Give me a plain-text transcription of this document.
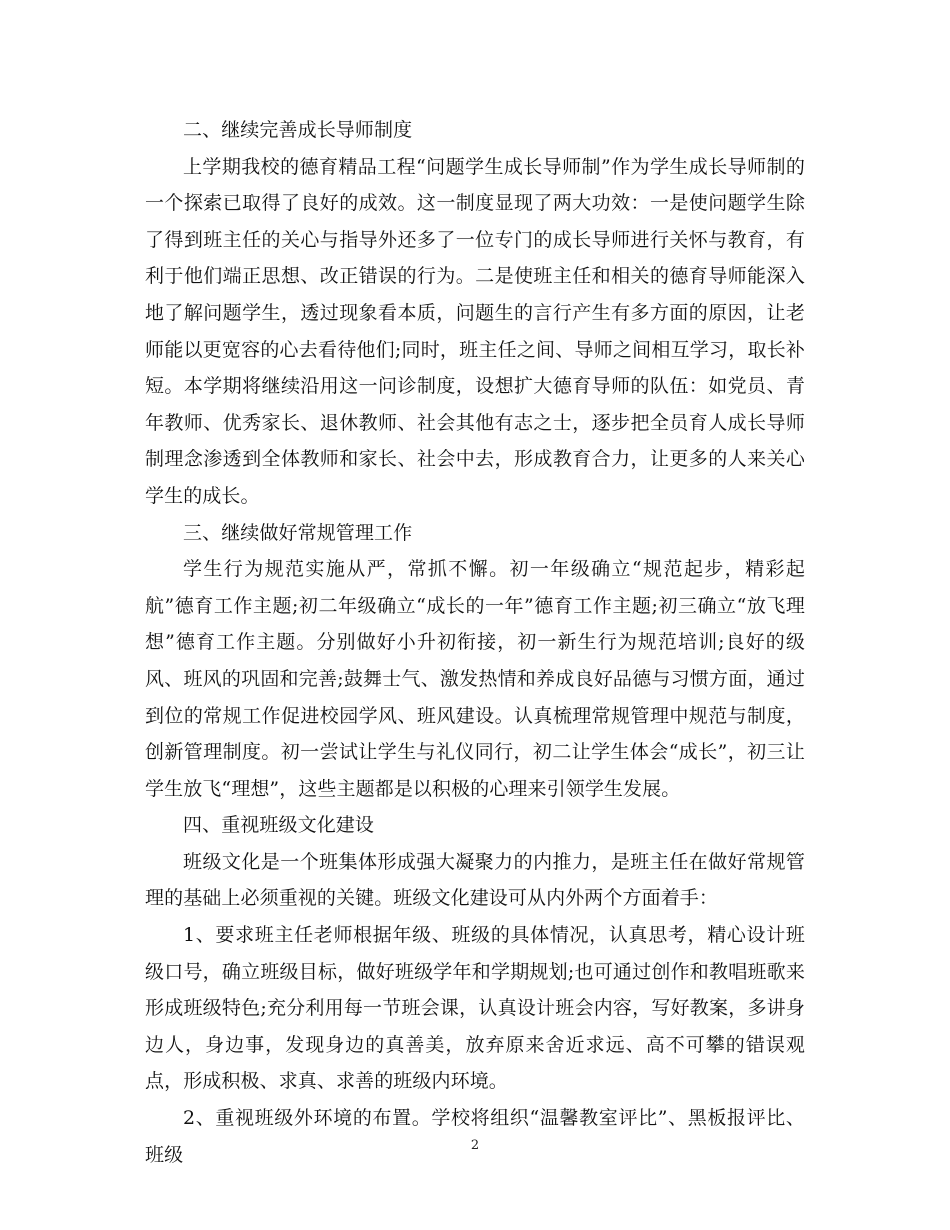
二、继续完善成长导师制度

上学期我校的德育精品工程“问题学生成长导师制”作为学生成长导师制的一个探索已取得了良好的成效。这一制度显现了两大功效：一是使问题学生除了得到班主任的关心与指导外还多了一位专门的成长导师进行关怀与教育，有利于他们端正思想、改正错误的行为。二是使班主任和相关的德育导师能深入地了解问题学生，透过现象看本质，问题生的言行产生有多方面的原因，让老师能以更宽容的心去看待他们;同时，班主任之间、导师之间相互学习，取长补短。本学期将继续沿用这一问诊制度，设想扩大德育导师的队伍：如党员、青年教师、优秀家长、退休教师、社会其他有志之士，逐步把全员育人成长导师制理念渗透到全体教师和家长、社会中去，形成教育合力，让更多的人来关心学生的成长。

三、继续做好常规管理工作

学生行为规范实施从严，常抓不懈。初一年级确立“规范起步，精彩起航”德育工作主题;初二年级确立“成长的一年”德育工作主题;初三确立“放飞理想”德育工作主题。分别做好小升初衔接，初一新生行为规范培训;良好的级风、班风的巩固和完善;鼓舞士气、激发热情和养成良好品德与习惯方面，通过到位的常规工作促进校园学风、班风建设。认真梳理常规管理中规范与制度，创新管理制度。初一尝试让学生与礼仪同行，初二让学生体会“成长”，初三让学生放飞“理想”，这些主题都是以积极的心理来引领学生发展。

四、重视班级文化建设

班级文化是一个班集体形成强大凝聚力的内推力，是班主任在做好常规管理的基础上必须重视的关键。班级文化建设可从内外两个方面着手：

1、要求班主任老师根据年级、班级的具体情况，认真思考，精心设计班级口号，确立班级目标，做好班级学年和学期规划;也可通过创作和教唱班歌来形成班级特色;充分利用每一节班会课，认真设计班会内容，写好教案，多讲身边人，身边事，发现身边的真善美，放弃原来舍近求远、高不可攀的错误观点，形成积极、求真、求善的班级内环境。

2、重视班级外环境的布置。学校将组织“温馨教室评比”、黑板报评比、班级	2
